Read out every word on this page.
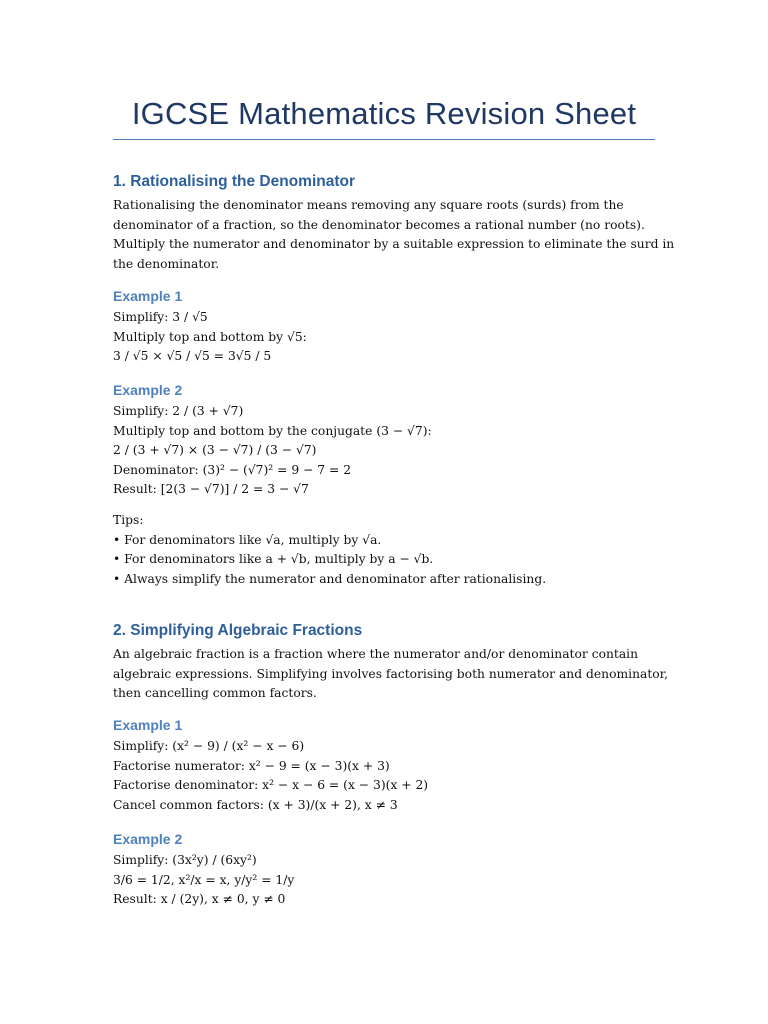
IGCSE Mathematics Revision Sheet
1. Rationalising the Denominator
Rationalising the denominator means removing any square roots (surds) from the
denominator of a fraction, so the denominator becomes a rational number (no roots).
Multiply the numerator and denominator by a suitable expression to eliminate the surd in
the denominator.
Example 1
Simplify: 3 / √5
Multiply top and bottom by √5:
3 / √5 × √5 / √5 = 3√5 / 5
Example 2
Simplify: 2 / (3 + √7)
Multiply top and bottom by the conjugate (3 − √7):
2 / (3 + √7) × (3 − √7) / (3 − √7)
Denominator: (3)² − (√7)² = 9 − 7 = 2
Result: [2(3 − √7)] / 2 = 3 − √7
Tips:
• For denominators like √a, multiply by √a.
• For denominators like a + √b, multiply by a − √b.
• Always simplify the numerator and denominator after rationalising.
2. Simplifying Algebraic Fractions
An algebraic fraction is a fraction where the numerator and/or denominator contain
algebraic expressions. Simplifying involves factorising both numerator and denominator,
then cancelling common factors.
Example 1
Simplify: (x² − 9) / (x² − x − 6)
Factorise numerator: x² − 9 = (x − 3)(x + 3)
Factorise denominator: x² − x − 6 = (x − 3)(x + 2)
Cancel common factors: (x + 3)/(x + 2), x ≠ 3
Example 2
Simplify: (3x²y) / (6xy²)
3/6 = 1/2, x²/x = x, y/y² = 1/y
Result: x / (2y), x ≠ 0, y ≠ 0
